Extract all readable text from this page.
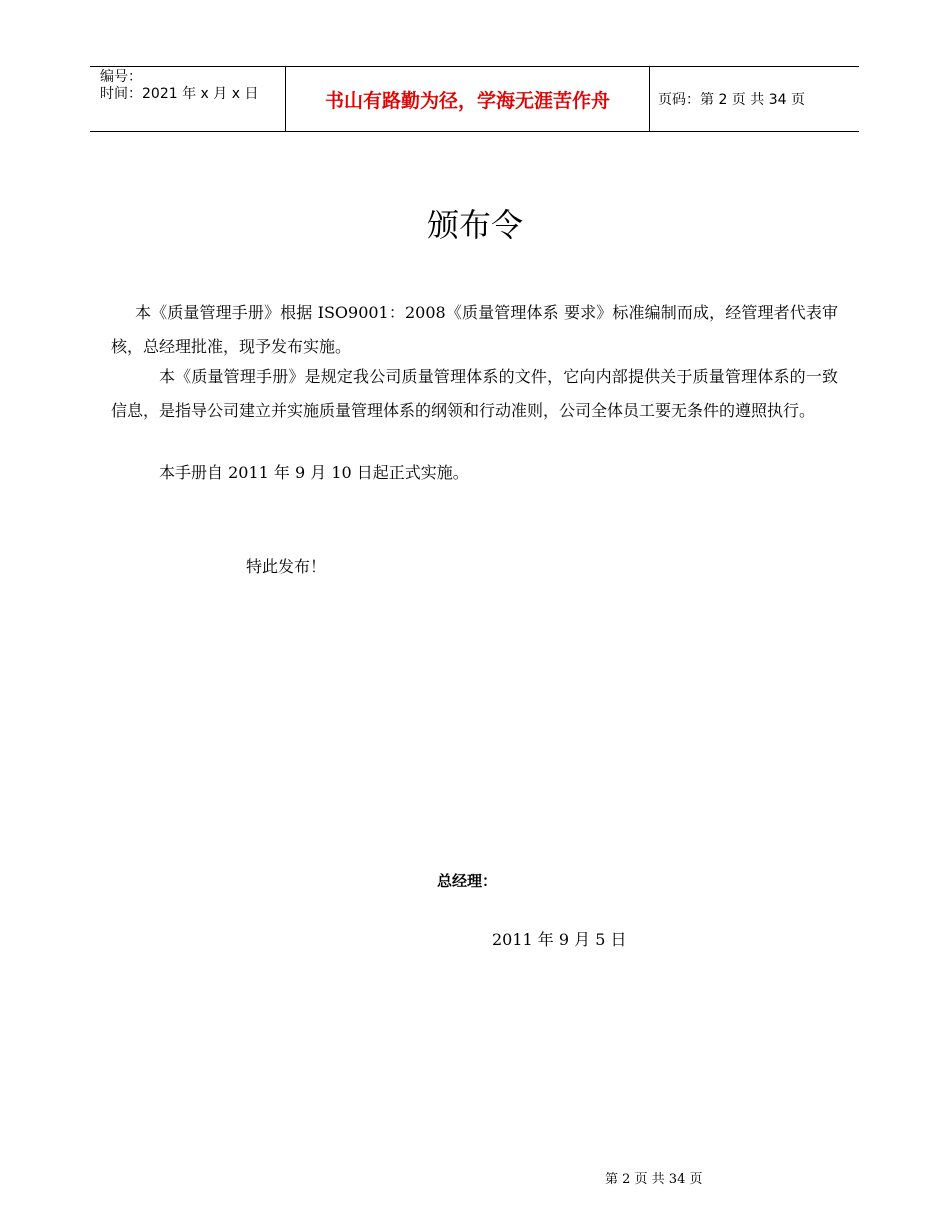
编号：
时间：2021 年 x 月 x 日	书山有路勤为径，学海无涯苦作舟	页码：第 2 页 共 34 页
颁布令

本《质量管理手册》根据 ISO9001：2008《质量管理体系 要求》标准编制而成，经管理者代表审核，总经理批准，现予发布实施。

本《质量管理手册》是规定我公司质量管理体系的文件，它向内部提供关于质量管理体系的一致信息，是指导公司建立并实施质量管理体系的纲领和行动准则，公司全体员工要无条件的遵照执行。

本手册自 2011 年 9 月 10 日起正式实施。

特此发布！
总经理：
2011 年 9 月 5 日
第 2 页 共 34 页
